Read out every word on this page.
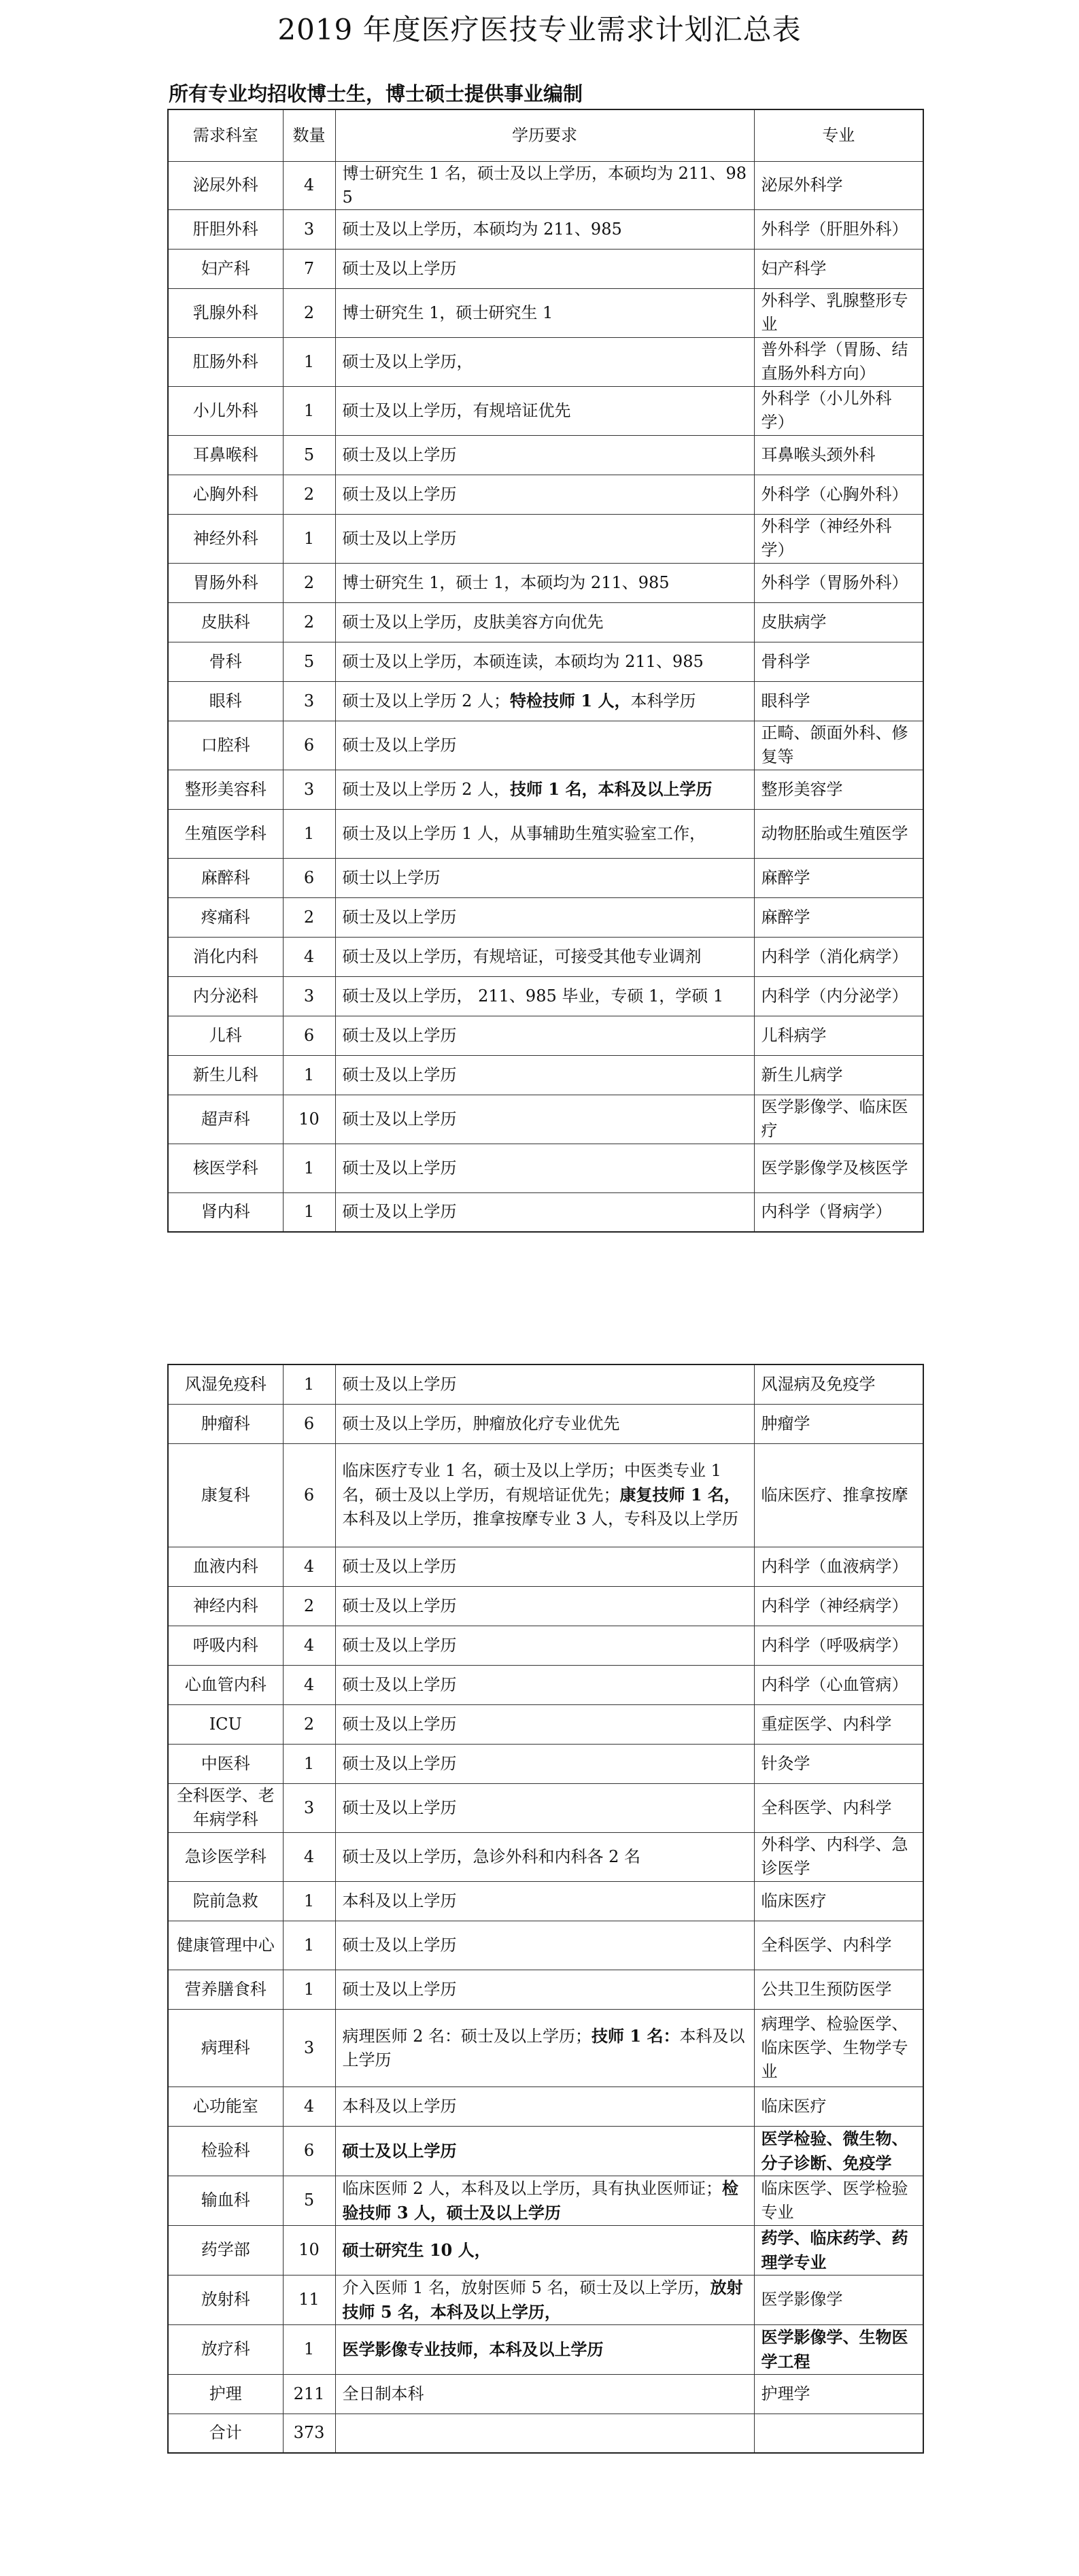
2019 年度医疗医技专业需求计划汇总表
所有专业均招收博士生，博士硕士提供事业编制
需求科室	数量	学历要求	专业
泌尿外科	4	博士研究生 1 名，硕士及以上学历，本硕均为 211、985	泌尿外科学
肝胆外科	3	硕士及以上学历，本硕均为 211、985	外科学（肝胆外科）
妇产科	7	硕士及以上学历	妇产科学
乳腺外科	2	博士研究生 1，硕士研究生 1	外科学、乳腺整形专业
肛肠外科	1	硕士及以上学历，	普外科学（胃肠、结直肠外科方向）
小儿外科	1	硕士及以上学历，有规培证优先	外科学（小儿外科学）
耳鼻喉科	5	硕士及以上学历	耳鼻喉头颈外科
心胸外科	2	硕士及以上学历	外科学（心胸外科）
神经外科	1	硕士及以上学历	外科学（神经外科学）
胃肠外科	2	博士研究生 1，硕士 1，本硕均为 211、985	外科学（胃肠外科）
皮肤科	2	硕士及以上学历，皮肤美容方向优先	皮肤病学
骨科	5	硕士及以上学历，本硕连读，本硕均为 211、985	骨科学
眼科	3	硕士及以上学历 2 人；特检技师 1 人，本科学历	眼科学
口腔科	6	硕士及以上学历	正畸、颌面外科、修复等
整形美容科	3	硕士及以上学历 2 人，技师 1 名，本科及以上学历	整形美容学
生殖医学科	1	硕士及以上学历 1 人，从事辅助生殖实验室工作，	动物胚胎或生殖医学
麻醉科	6	硕士以上学历	麻醉学
疼痛科	2	硕士及以上学历	麻醉学
消化内科	4	硕士及以上学历，有规培证，可接受其他专业调剂	内科学（消化病学）
内分泌科	3	硕士及以上学历， 211、985 毕业，专硕 1，学硕 1	内科学（内分泌学）
儿科	6	硕士及以上学历	儿科病学
新生儿科	1	硕士及以上学历	新生儿病学
超声科	10	硕士及以上学历	医学影像学、临床医疗
核医学科	1	硕士及以上学历	医学影像学及核医学
肾内科	1	硕士及以上学历	内科学（肾病学）
风湿免疫科	1	硕士及以上学历	风湿病及免疫学
肿瘤科	6	硕士及以上学历，肿瘤放化疗专业优先	肿瘤学
康复科	6	临床医疗专业 1 名，硕士及以上学历；中医类专业 1 名，硕士及以上学历，有规培证优先；康复技师 1 名，本科及以上学历，推拿按摩专业 3 人，专科及以上学历	临床医疗、推拿按摩
血液内科	4	硕士及以上学历	内科学（血液病学）
神经内科	2	硕士及以上学历	内科学（神经病学）
呼吸内科	4	硕士及以上学历	内科学（呼吸病学）
心血管内科	4	硕士及以上学历	内科学（心血管病）
ICU	2	硕士及以上学历	重症医学、内科学
中医科	1	硕士及以上学历	针灸学
全科医学、老年病学科	3	硕士及以上学历	全科医学、内科学
急诊医学科	4	硕士及以上学历，急诊外科和内科各 2 名	外科学、内科学、急诊医学
院前急救	1	本科及以上学历	临床医疗
健康管理中心	1	硕士及以上学历	全科医学、内科学
营养膳食科	1	硕士及以上学历	公共卫生预防医学
病理科	3	病理医师 2 名：硕士及以上学历；技师 1 名：本科及以上学历	病理学、检验医学、临床医学、生物学专业
心功能室	4	本科及以上学历	临床医疗
检验科	6	硕士及以上学历	医学检验、微生物、分子诊断、免疫学
输血科	5	临床医师 2 人，本科及以上学历，具有执业医师证；检验技师 3 人，硕士及以上学历	临床医学、医学检验专业
药学部	10	硕士研究生 10 人，	药学、临床药学、药理学专业
放射科	11	介入医师 1 名，放射医师 5 名，硕士及以上学历，放射技师 5 名，本科及以上学历，	医学影像学
放疗科	1	医学影像专业技师，本科及以上学历	医学影像学、生物医学工程
护理	211	全日制本科	护理学
合计	373		
